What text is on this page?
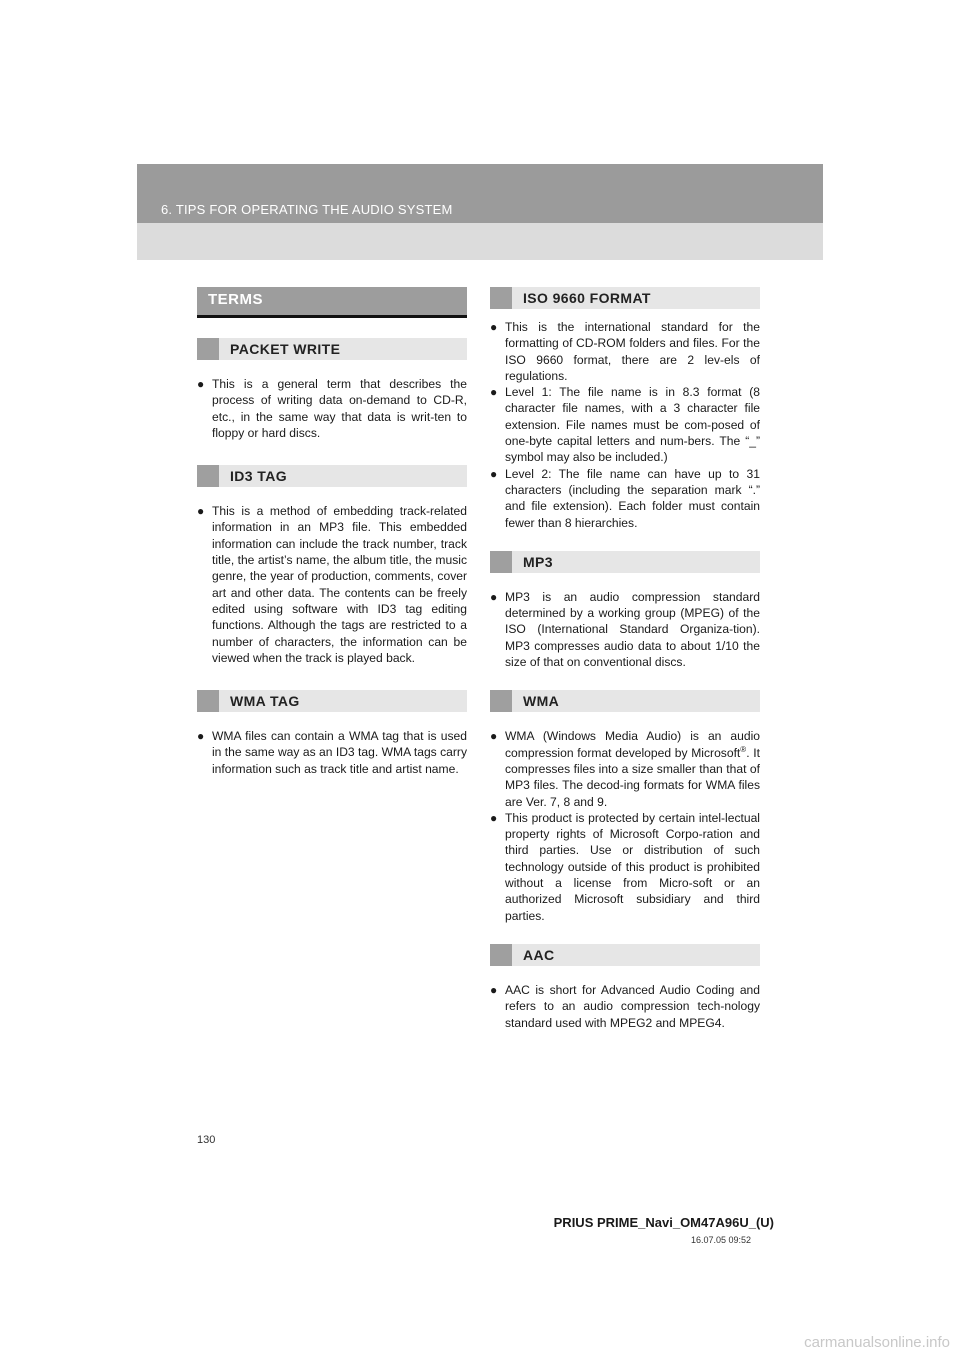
6. TIPS FOR OPERATING THE AUDIO SYSTEM
TERMS
PACKET WRITE
● This is a general term that describes the process of writing data on-demand to CD-R, etc., in the same way that data is writ-ten to floppy or hard discs.
ID3 TAG
● This is a method of embedding track-related information in an MP3 file. This embedded information can include the track number, track title, the artist’s name, the album title, the music genre, the year of production, comments, cover art and other data. The contents can be freely edited using software with ID3 tag editing functions. Although the tags are restricted to a number of characters, the information can be viewed when the track is played back.
WMA TAG
● WMA files can contain a WMA tag that is used in the same way as an ID3 tag. WMA tags carry information such as track title and artist name.
ISO 9660 FORMAT
● This is the international standard for the formatting of CD-ROM folders and files. For the ISO 9660 format, there are 2 lev-els of regulations.
● Level 1: The file name is in 8.3 format (8 character file names, with a 3 character file extension. File names must be com-posed of one-byte capital letters and num-bers. The “_” symbol may also be included.)
● Level 2: The file name can have up to 31 characters (including the separation mark “.” and file extension). Each folder must contain fewer than 8 hierarchies.
MP3
● MP3 is an audio compression standard determined by a working group (MPEG) of the ISO (International Standard Organiza-tion). MP3 compresses audio data to about 1/10 the size of that on conventional discs.
WMA
● WMA (Windows Media Audio) is an audio compression format developed by Microsoft®. It compresses files into a size smaller than that of MP3 files. The decod-ing formats for WMA files are Ver. 7, 8 and 9.
● This product is protected by certain intel-lectual property rights of Microsoft Corpo-ration and third parties. Use or distribution of such technology outside of this product is prohibited without a license from Micro-soft or an authorized Microsoft subsidiary and third parties.
AAC
● AAC is short for Advanced Audio Coding and refers to an audio compression tech-nology standard used with MPEG2 and MPEG4.
130
PRIUS PRIME_Navi_OM47A96U_(U)
16.07.05 09:52
carmanualsonline.info
